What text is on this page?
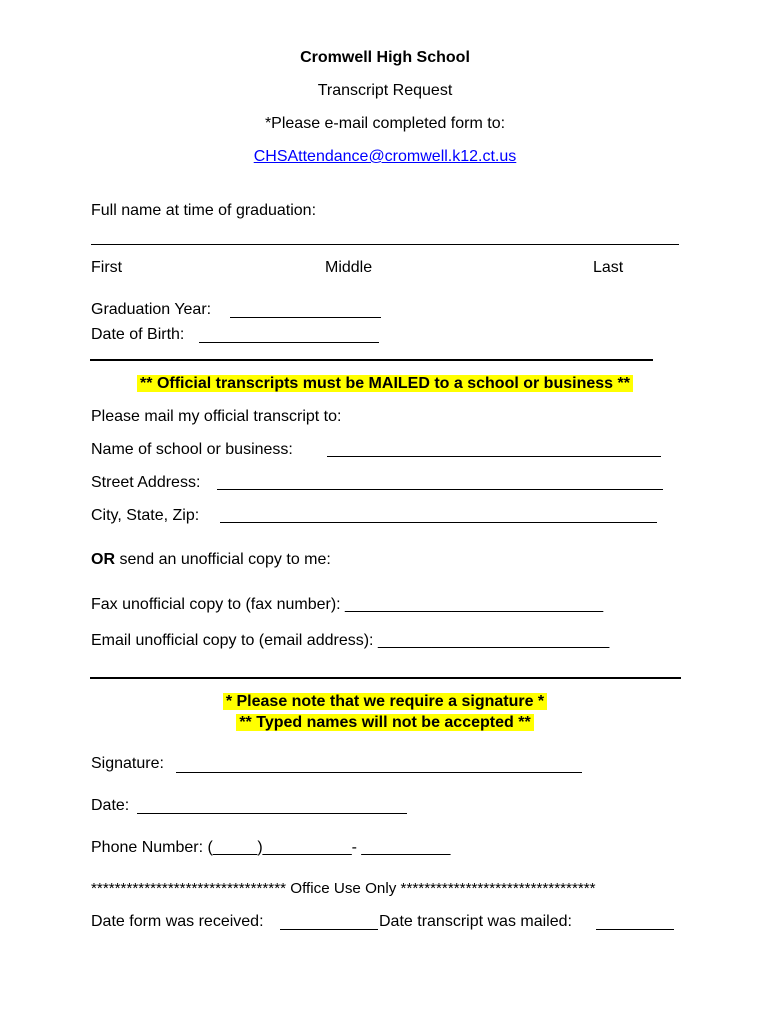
Cromwell High School
Transcript Request
*Please e-mail completed form to:
CHSAttendance@cromwell.k12.ct.us
Full name at time of graduation:
First	Middle	Last
Graduation Year:
Date of Birth:
** Official transcripts must be MAILED to a school or business **
Please mail my official transcript to:
Name of school or business:
Street Address:
City, State, Zip:
OR send an unofficial copy to me:
Fax unofficial copy to (fax number): _____________________________
Email unofficial copy to (email address): __________________________
* Please note that we require a signature *
** Typed names will not be accepted **
Signature:
Date:
Phone Number: (_____)__________- __________
********************************* Office Use Only *********************************
Date form was received:	Date transcript was mailed:
